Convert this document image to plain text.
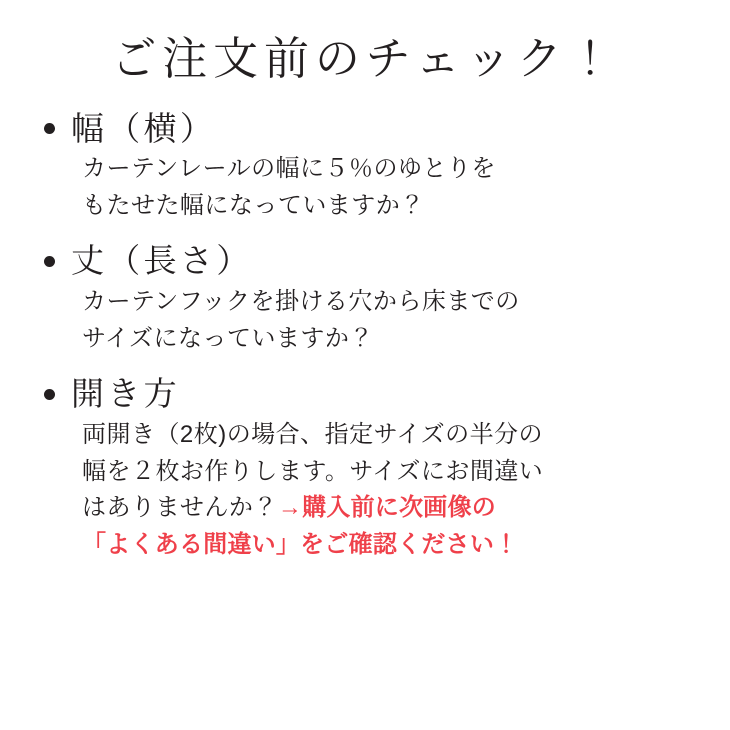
ご注文前のチェック！
幅（横）

カーテンレールの幅に５％のゆとりを

もたせた幅になっていますか？

丈（長さ）

カーテンフックを掛ける穴から床までの

サイズになっていますか？

開き方

両開き（2枚)の場合、指定サイズの半分の

幅を２枚お作りします。サイズにお間違い

はありませんか？→購入前に次画像の

「よくある間違い」をご確認ください！
